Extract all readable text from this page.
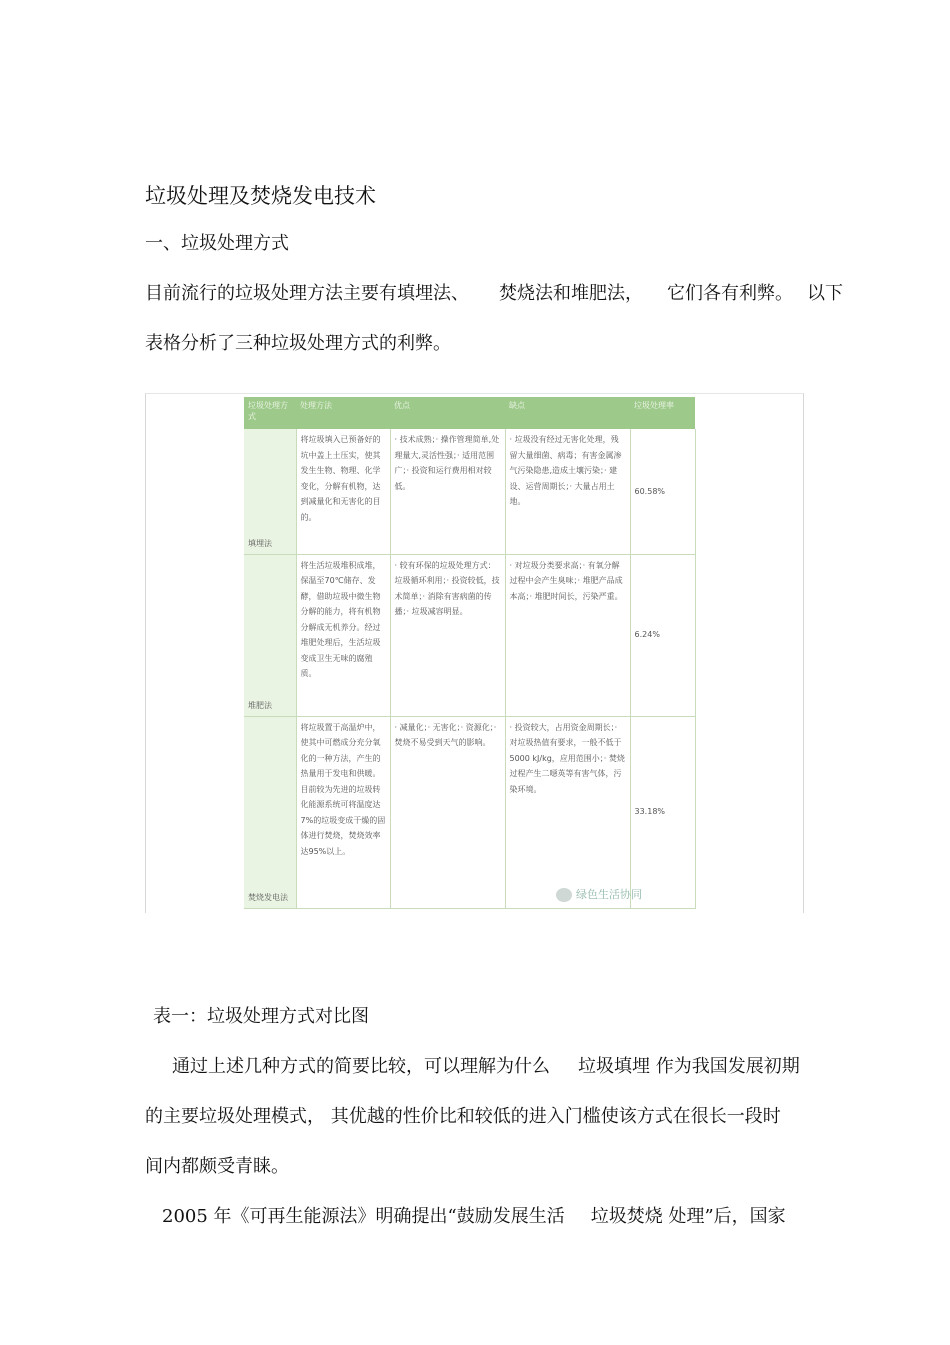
垃圾处理及焚烧发电技术
一、垃圾处理方式
目前流行的垃圾处理方法主要有填埋法、 焚烧法和堆肥法， 它们各有利弊。 以下
表格分析了三种垃圾处理方式的利弊。
垃圾处理方式	处理方法	优点	缺点	垃圾处理率
填埋法	将垃圾填入已预备好的坑中盖上土压实，使其发生生物、物理、化学变化，分解有机物，达到减量化和无害化的目的。	· 技术成熟；· 操作管理简单,处理量大,灵活性强；· 适用范围广；· 投资和运行费用相对较低。	· 垃圾没有经过无害化处理，残留大量细菌、病毒；有害金属渗气污染隐患,造成土壤污染；· 建设、运营周期长；· 大量占用土地。	60.58%
堆肥法	将生活垃圾堆积成堆，保温至70℃储存、发酵，借助垃圾中微生物分解的能力，将有机物分解成无机养分。经过堆肥处理后，生活垃圾变成卫生无味的腐殖质。	· 较有环保的垃圾处理方式：垃圾循环利用；· 投资较低，技术简单；· 消除有害病菌的传播；· 垃圾减容明显。	· 对垃圾分类要求高；· 有氧分解过程中会产生臭味；· 堆肥产品成本高；· 堆肥时间长，污染严重。	6.24%
焚烧发电法	将垃圾置于高温炉中，使其中可燃成分充分氧化的一种方法，产生的热量用于发电和供暖。目前较为先进的垃圾转化能源系统可将温度达7%的垃圾变成干燥的固体进行焚烧，焚烧效率达95%以上。	· 减量化；· 无害化；· 资源化；· 焚烧不易受到天气的影响。	· 投资较大，占用资金周期长；· 对垃圾热值有要求，一般不低于5000 kJ/kg，应用范围小；· 焚烧过程产生二噁英等有害气体，污染环境。	33.18%
绿色生活协同
表一：垃圾处理方式对比图
通过上述几种方式的简要比较，可以理解为什么 垃圾填埋 作为我国发展初期
的主要垃圾处理模式， 其优越的性价比和较低的进入门槛使该方式在很长一段时
间内都颇受青睐。
2005 年《可再生能源法》明确提出“鼓励发展生活 垃圾焚烧 处理”后，国家
